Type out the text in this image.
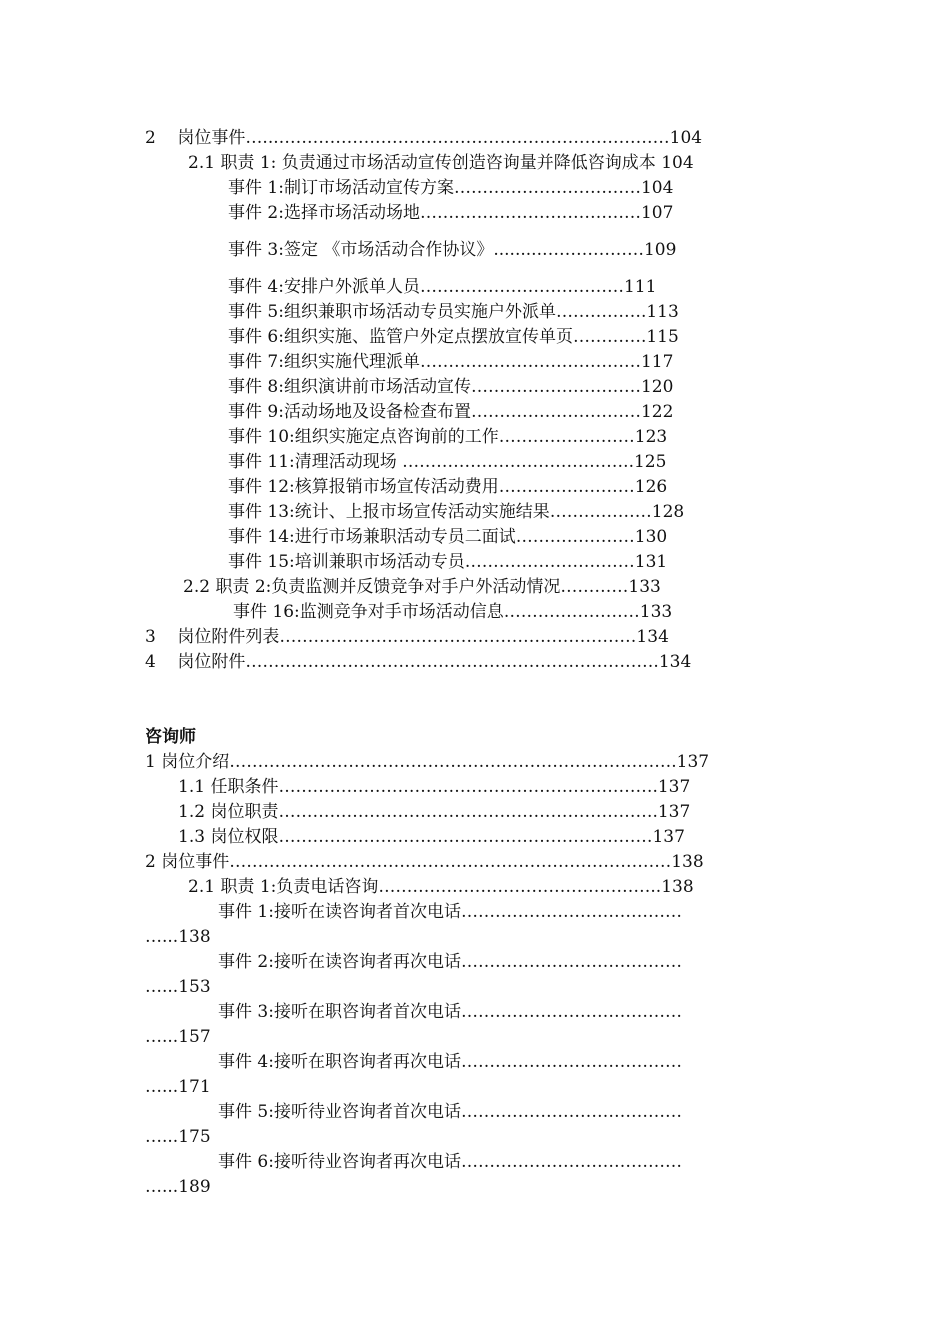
2    岗位事件…...……………………………………………………………104
2.1 职责 1: 负责通过市场活动宣传创造咨询量并降低咨询成本 104
事件 1:制订市场活动宣传方案……………………………104
事件 2:选择市场活动场地…………………………………107
事件 3:签定 《市场活动合作协议》.........………………109
事件 4:安排户外派单人员………………………………111
事件 5:组织兼职市场活动专员实施户外派单…………….113
事件 6:组织实施、监管户外定点摆放宣传单页………….115
事件 7:组织实施代理派单…………………………………117
事件 8:组织演讲前市场活动宣传…………………………120
事件 9:活动场地及设备检查布置…………………………122
事件 10:组织实施定点咨询前的工作……………………123
事件 11:清理活动现场 …………………………………..125
事件 12:核算报销市场宣传活动费用……………………126
事件 13:统计、上报市场宣传活动实施结果………………128
事件 14:进行市场兼职活动专员二面试…………………130
事件 15:培训兼职市场活动专员…………………………131
2.2 职责 2:负责监测并反馈竞争对手户外活动情况…………133
事件 16:监测竞争对手市场活动信息……………………133
3    岗位附件列表………………………………………………………134
4    岗位附件……………………………………………………………….134
咨询师
1 岗位介绍…………………………………………………………………….137
1.1 任职条件………………………………………………………….137
1.2 岗位职责………………………………………………………….137
1.3 岗位权限…………………………………………………………137
2 岗位事件……………………………………………………………………138
2.1 职责 1:负责电话咨询…………………………………………..138
事件 1:接听在读咨询者首次电话…………………………………
…...138
事件 2:接听在读咨询者再次电话…………………………………
…...153
事件 3:接听在职咨询者首次电话…………………………………
…...157
事件 4:接听在职咨询者再次电话…………………………………
…...171
事件 5:接听待业咨询者首次电话…………………………………
…...175
事件 6:接听待业咨询者再次电话…………………………………
…...189
